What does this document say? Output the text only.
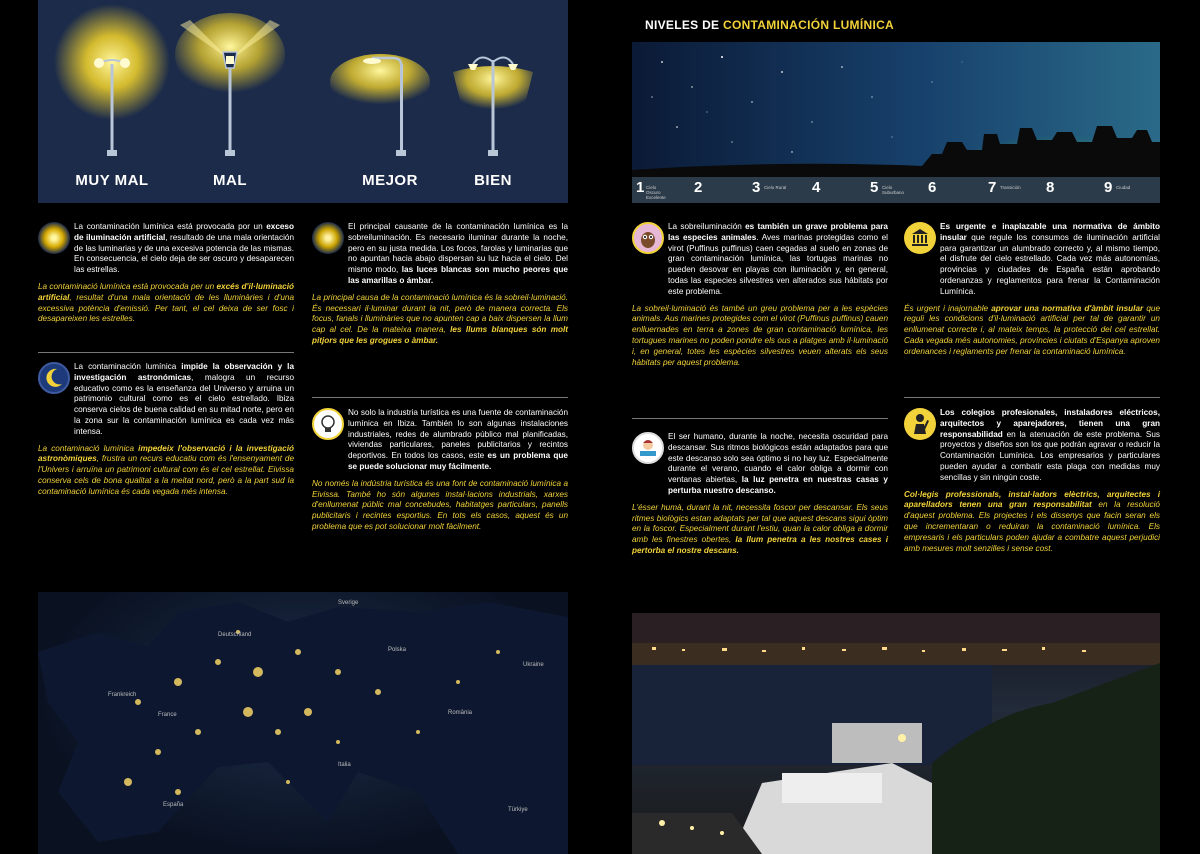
MUY MAL	MAL	MEJOR	BIEN

La contaminación lumínica está provocada por un exceso de iluminación artificial, resultado de una mala orientación de las luminarias y de una excesiva potencia de las mismas. En consecuencia, el cielo deja de ser oscuro y desaparecen las estrellas.

La contaminació lumínica està provocada per un excés d'il·luminació artificial, resultat d'una mala orientació de les lluminàries i d'una excessiva potència d'emissió. Per tant, el cel deixa de ser fosc i desapareixen les estrelles.

La contaminación lumínica impide la observación y la investigación astronómicas, malogra un recurso educativo como es la enseñanza del Universo y arruina un patrimonio cultural como es el cielo estrellado. Ibiza conserva cielos de buena calidad en su mitad norte, pero en la zona sur la contaminación lumínica es cada vez más intensa.

La contaminació lumínica impedeix l'observació i la investigació astronòmiques, frustra un recurs educatiu com és l'ensenyament de l'Univers i arruïna un patrimoni cultural com és el cel estrellat. Eivissa conserva cels de bona qualitat a la meitat nord, però a la part sud la contaminació lumínica és cada vegada més intensa.

El principal causante de la contaminación lumínica es la sobreiluminación. Es necesario iluminar durante la noche, pero en su justa medida. Los focos, farolas y luminarias que no apuntan hacia abajo dispersan su luz hacia el cielo. Del mismo modo, las luces blancas son mucho peores que las amarillas o ámbar.

La principal causa de la contaminació lumínica és la sobreil·luminació. És necessari il·luminar durant la nit, però de manera correcta. Els focus, fanals i lluminàries que no apunten cap a baix dispersen la llum cap al cel. De la mateixa manera, les llums blanques són molt pitjors que les grogues o àmbar.

No solo la industria turística es una fuente de contaminación lumínica en Ibiza. También lo son algunas instalaciones industriales, redes de alumbrado público mal planificadas, viviendas particulares, paneles publicitarios y recintos deportivos. En todos los casos, este es un problema que se puede solucionar muy fácilmente.

No només la indústria turística és una font de contaminació lumínica a Eivissa. També ho són algunes instal·lacions industrials, xarxes d'enllumenat públic mal concebudes, habitatges particulars, panells publicitaris i recintes esportius. En tots els casos, aquest és un problema que es pot solucionar molt fàcilment.

Deutschland
Polska
France
Ukraine
Italia
România
España
Frankreich
Türkiye
Sverige
NIVELES DE CONTAMINACIÓN LUMÍNICA
1 Cielo Oscuro Excelente
2	3 Cielo Rural 4	5 Cielo Suburbano	6	7 Transición	8	9 Ciudad

La sobreiluminación es también un grave problema para las especies animales. Aves marinas protegidas como el virot (Puffinus puffinus) caen cegadas al suelo en zonas de gran contaminación lumínica, las tortugas marinas no pueden desovar en playas con iluminación y, en general, todas las especies silvestres ven alterados sus hábitats por este problema.

La sobreil·luminació és també un greu problema per a les espècies animals. Aus marines protegides com el virot (Puffinus puffinus) cauen enlluernades en terra a zones de gran contaminació lumínica, les tortugues marines no poden pondre els ous a platges amb il·luminació i, en general, totes les espècies silvestres veuen alterats els seus hàbitats per aquest problema.

El ser humano, durante la noche, necesita oscuridad para descansar. Sus ritmos biológicos están adaptados para que este descanso solo sea óptimo si no hay luz. Especialmente durante el verano, cuando el calor obliga a dormir con ventanas abiertas, la luz penetra en nuestras casas y perturba nuestro descanso.

L'ésser humà, durant la nit, necessita foscor per descansar. Els seus ritmes biològics estan adaptats per tal que aquest descans sigui òptim en la foscor. Especialment durant l'estiu, quan la calor obliga a dormir amb les finestres obertes, la llum penetra a les nostres cases i pertorba el nostre descans.

Es urgente e inaplazable una normativa de ámbito insular que regule los consumos de iluminación artificial para garantizar un alumbrado correcto y, al mismo tiempo, el disfrute del cielo estrellado. Cada vez más autonomías, provincias y ciudades de España están aprobando ordenanzas y reglamentos para frenar la Contaminación Lumínica.

És urgent i inajornable aprovar una normativa d'àmbit insular que reguli les condicions d'il·luminació artificial per tal de garantir un enllumenat correcte i, al mateix temps, la protecció del cel estrellat. Cada vegada més autonomies, províncies i ciutats d'Espanya aproven ordenances i reglaments per frenar la contaminació lumínica.

Los colegios profesionales, instaladores eléctricos, arquitectos y aparejadores, tienen una gran responsabilidad en la atenuación de este problema. Sus proyectos y diseños son los que podrán agravar o reducir la Contaminación Lumínica. Los empresarios y particulares pueden ayudar a combatir esta plaga con medidas muy sencillas y sin ningún coste.

Col·legis professionals, instal·ladors elèctrics, arquitectes i aparelladors tenen una gran responsabilitat en la resolució d'aquest problema. Els projectes i els dissenys que facin seran els que incrementaran o reduiran la contaminació lumínica. Els empresaris i els particulars poden ajudar a combatre aquest perjudici amb mesures molt senzilles i sense cost.
